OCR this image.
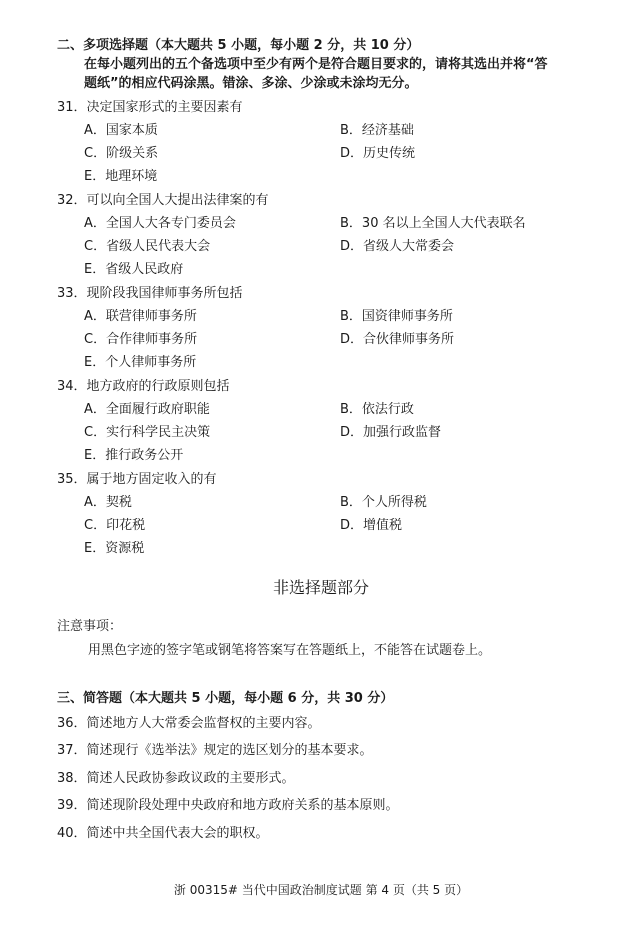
二、多项选择题（本大题共 5 小题，每小题 2 分，共 10 分）
在每小题列出的五个备选项中至少有两个是符合题目要求的，请将其选出并将“答
题纸”的相应代码涂黑。错涂、多涂、少涂或未涂均无分。
31．决定国家形式的主要因素有
A．国家本质	B．经济基础
C．阶级关系	D．历史传统
E．地理环境
32．可以向全国人大提出法律案的有
A．全国人大各专门委员会	B．30 名以上全国人大代表联名
C．省级人民代表大会	D．省级人大常委会
E．省级人民政府
33．现阶段我国律师事务所包括
A．联营律师事务所	B．国资律师事务所
C．合作律师事务所	D．合伙律师事务所
E．个人律师事务所
34．地方政府的行政原则包括
A．全面履行政府职能	B．依法行政
C．实行科学民主决策	D．加强行政监督
E．推行政务公开
35．属于地方固定收入的有
A．契税	B．个人所得税
C．印花税	D．增值税
E．资源税
非选择题部分
注意事项：
用黑色字迹的签字笔或钢笔将答案写在答题纸上，不能答在试题卷上。
三、简答题（本大题共 5 小题，每小题 6 分，共 30 分）
36．简述地方人大常委会监督权的主要内容。
37．简述现行《选举法》规定的选区划分的基本要求。
38．简述人民政协参政议政的主要形式。
39．简述现阶段处理中央政府和地方政府关系的基本原则。
40．简述中共全国代表大会的职权。
浙 00315# 当代中国政治制度试题 第 4 页（共 5 页）
